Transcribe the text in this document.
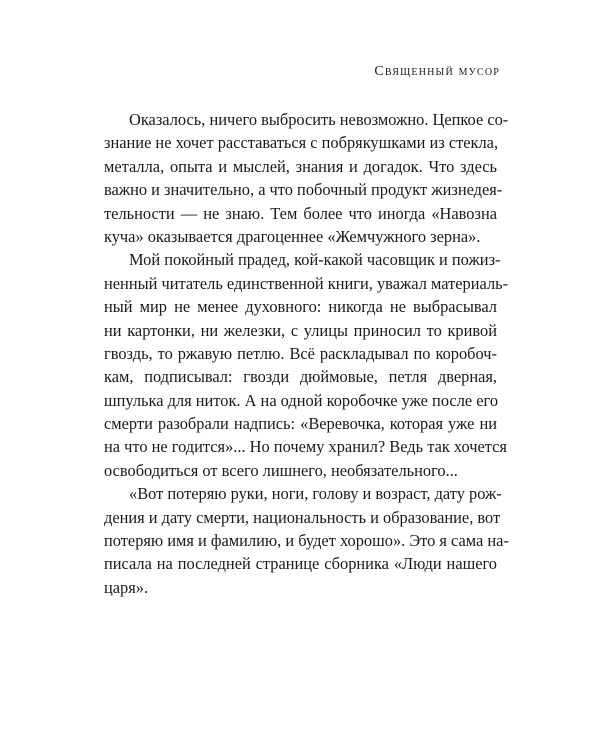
Священный мусор
Оказалось, ничего выбросить невозможно. Цепкое со-
знание не хочет расставаться с побрякушками из стекла,
металла, опыта и мыслей, знания и догадок. Что здесь
важно и значительно, а что побочный продукт жизнедея-
тельности — не знаю. Тем более что иногда «Навозна
куча» оказывается драгоценнее «Жемчужного зерна».
Мой покойный прадед, кой-какой часовщик и пожиз-
ненный читатель единственной книги, уважал материаль-
ный мир не менее духовного: никогда не выбрасывал
ни картонки, ни железки, с улицы приносил то кривой
гвоздь, то ржавую петлю. Всё раскладывал по коробоч-
кам, подписывал: гвозди дюймовые, петля дверная,
шпулька для ниток. А на одной коробочке уже после его
смерти разобрали надпись: «Веревочка, которая уже ни
на что не годится»... Но почему хранил? Ведь так хочется
освободиться от всего лишнего, необязательного...
«Вот потеряю руки, ноги, голову и возраст, дату рож-
дения и дату смерти, национальность и образование, вот
потеряю имя и фамилию, и будет хорошо». Это я сама на-
писала на последней странице сборника «Люди нашего
царя».
